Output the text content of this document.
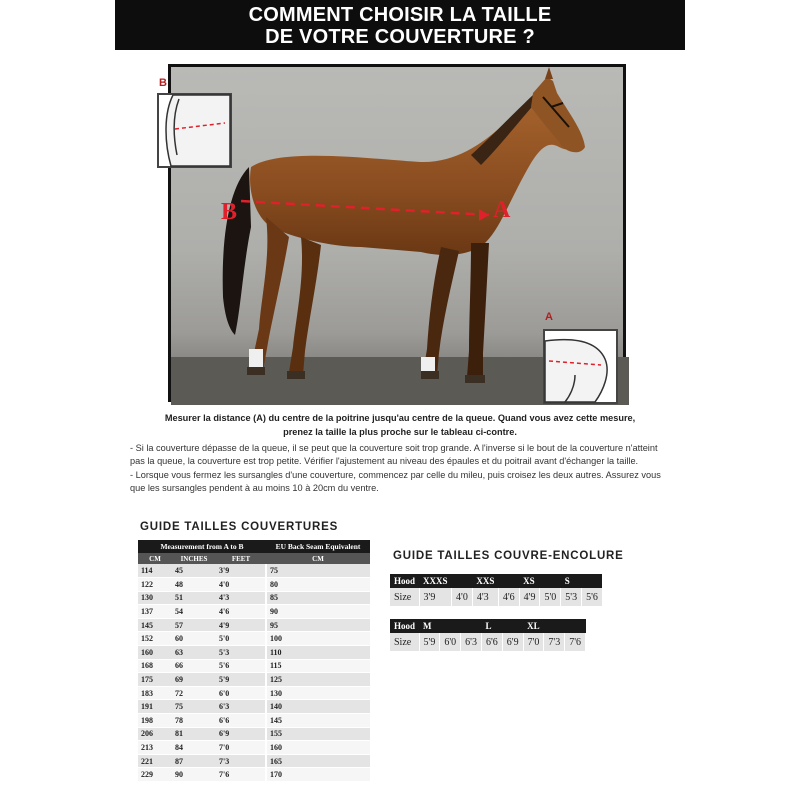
COMMENT CHOISIR LA TAILLE
DE VOTRE COUVERTURE ?
B	A
B
A

Mesurer la distance (A) du centre de la poitrine jusqu'au centre de la queue. Quand vous avez cette mesure,

prenez la taille la plus proche sur le tableau ci-contre.

- Si la couverture dépasse de la queue, il se peut que la couverture soit trop grande. A l'inverse si le bout de la couverture n'atteint pas la queue, la couverture est trop petite. Vérifier l'ajustement au niveau des épaules et du poitrail avant d'échanger la taille.

- Lorsque vous fermez les sursangles d'une couverture, commencez par celle du mileu, puis croisez les deux autres. Assurez vous que les sursangles pendent à au moins 10 à 20cm du ventre.

GUIDE TAILLES COUVERTURES
Measurement from A to B			EU Back Seam Equivalent
CM	INCHES	FEET	CM
114	45	3'9	75
122	48	4'0	80
130	51	4'3	85
137	54	4'6	90
145	57	4'9	95
152	60	5'0	100
160	63	5'3	110
168	66	5'6	115
175	69	5'9	125
183	72	6'0	130
191	75	6'3	140
198	78	6'6	145
206	81	6'9	155
213	84	7'0	160
221	87	7'3	165
229	90	7'6	170
GUIDE TAILLES COUVRE-ENCOLURE
Hood	XXXS		XXS		XS		S	
Size	3'9	4'0	4'3	4'6	4'9	5'0	5'3	5'6
Hood	M			L		XL		
Size	5'9	6'0	6'3	6'6	6'9	7'0	7'3	7'6
